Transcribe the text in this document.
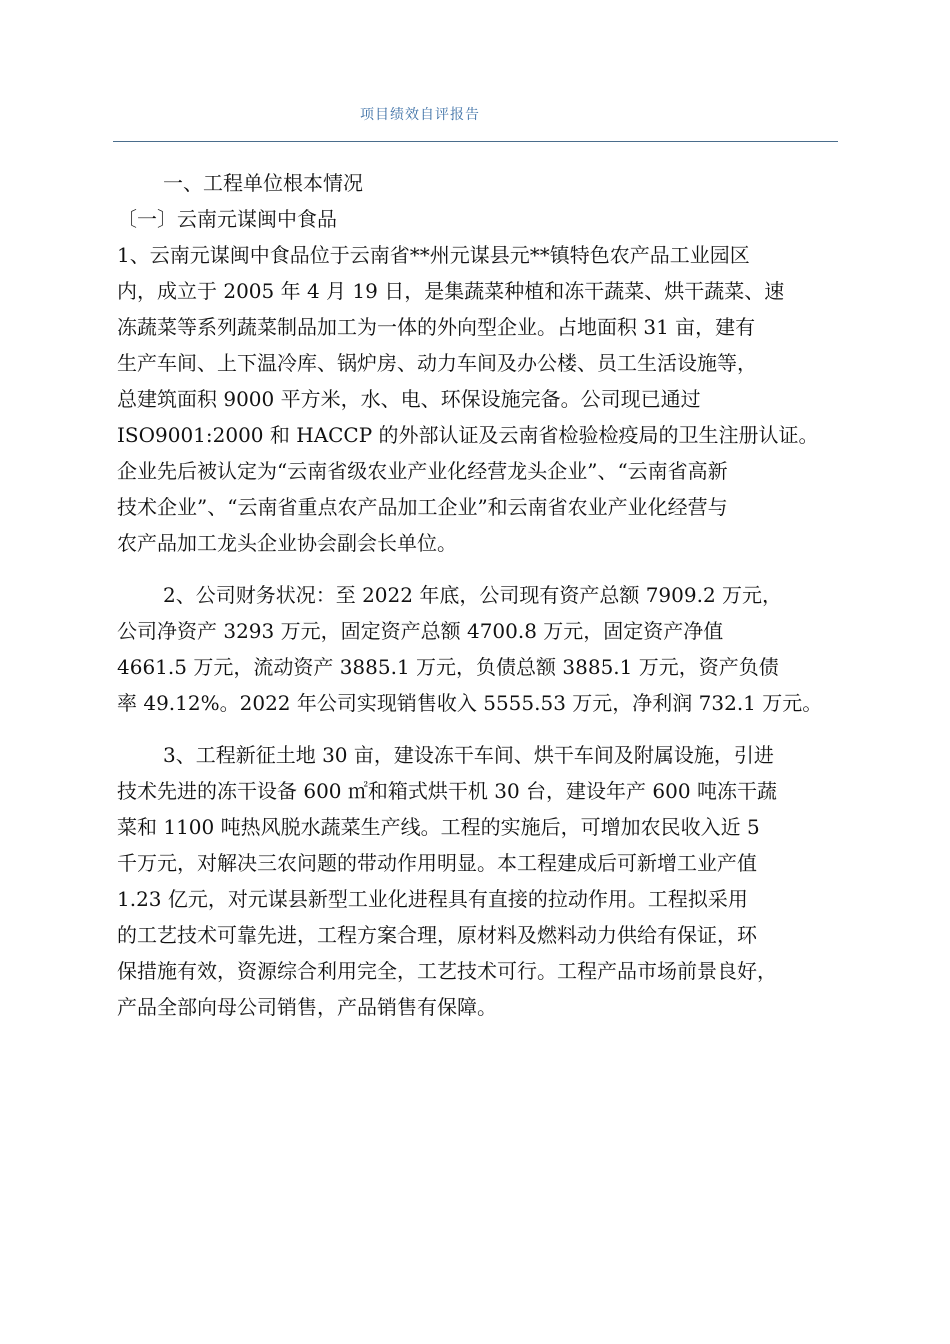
项目绩效自评报告
一、工程单位根本情况
〔一〕云南元谋闽中食品
1、云南元谋闽中食品位于云南省**州元谋县元**镇特色农产品工业园区
内，成立于 2005 年 4 月 19 日，是集蔬菜种植和冻干蔬菜、烘干蔬菜、速
冻蔬菜等系列蔬菜制品加工为一体的外向型企业。占地面积 31 亩，建有
生产车间、上下温冷库、锅炉房、动力车间及办公楼、员工生活设施等，
总建筑面积 9000 平方米，水、电、环保设施完备。公司现已通过
ISO9001:2000 和 HACCP 的外部认证及云南省检验检疫局的卫生注册认证。
企业先后被认定为“云南省级农业产业化经营龙头企业”、“云南省高新
技术企业”、“云南省重点农产品加工企业”和云南省农业产业化经营与
农产品加工龙头企业协会副会长单位。
2、公司财务状况：至 2022 年底，公司现有资产总额 7909.2 万元，
公司净资产 3293 万元，固定资产总额 4700.8 万元，固定资产净值
4661.5 万元，流动资产 3885.1 万元，负债总额 3885.1 万元，资产负债
率 49.12%。2022 年公司实现销售收入 5555.53 万元，净利润 732.1 万元。
3、工程新征土地 30 亩，建设冻干车间、烘干车间及附属设施，引进
技术先进的冻干设备 600 ㎡和箱式烘干机 30 台，建设年产 600 吨冻干蔬
菜和 1100 吨热风脱水蔬菜生产线。工程的实施后，可增加农民收入近 5
千万元，对解决三农问题的带动作用明显。本工程建成后可新增工业产值
1.23 亿元，对元谋县新型工业化进程具有直接的拉动作用。工程拟采用
的工艺技术可靠先进，工程方案合理，原材料及燃料动力供给有保证，环
保措施有效，资源综合利用完全，工艺技术可行。工程产品市场前景良好，
产品全部向母公司销售，产品销售有保障。
